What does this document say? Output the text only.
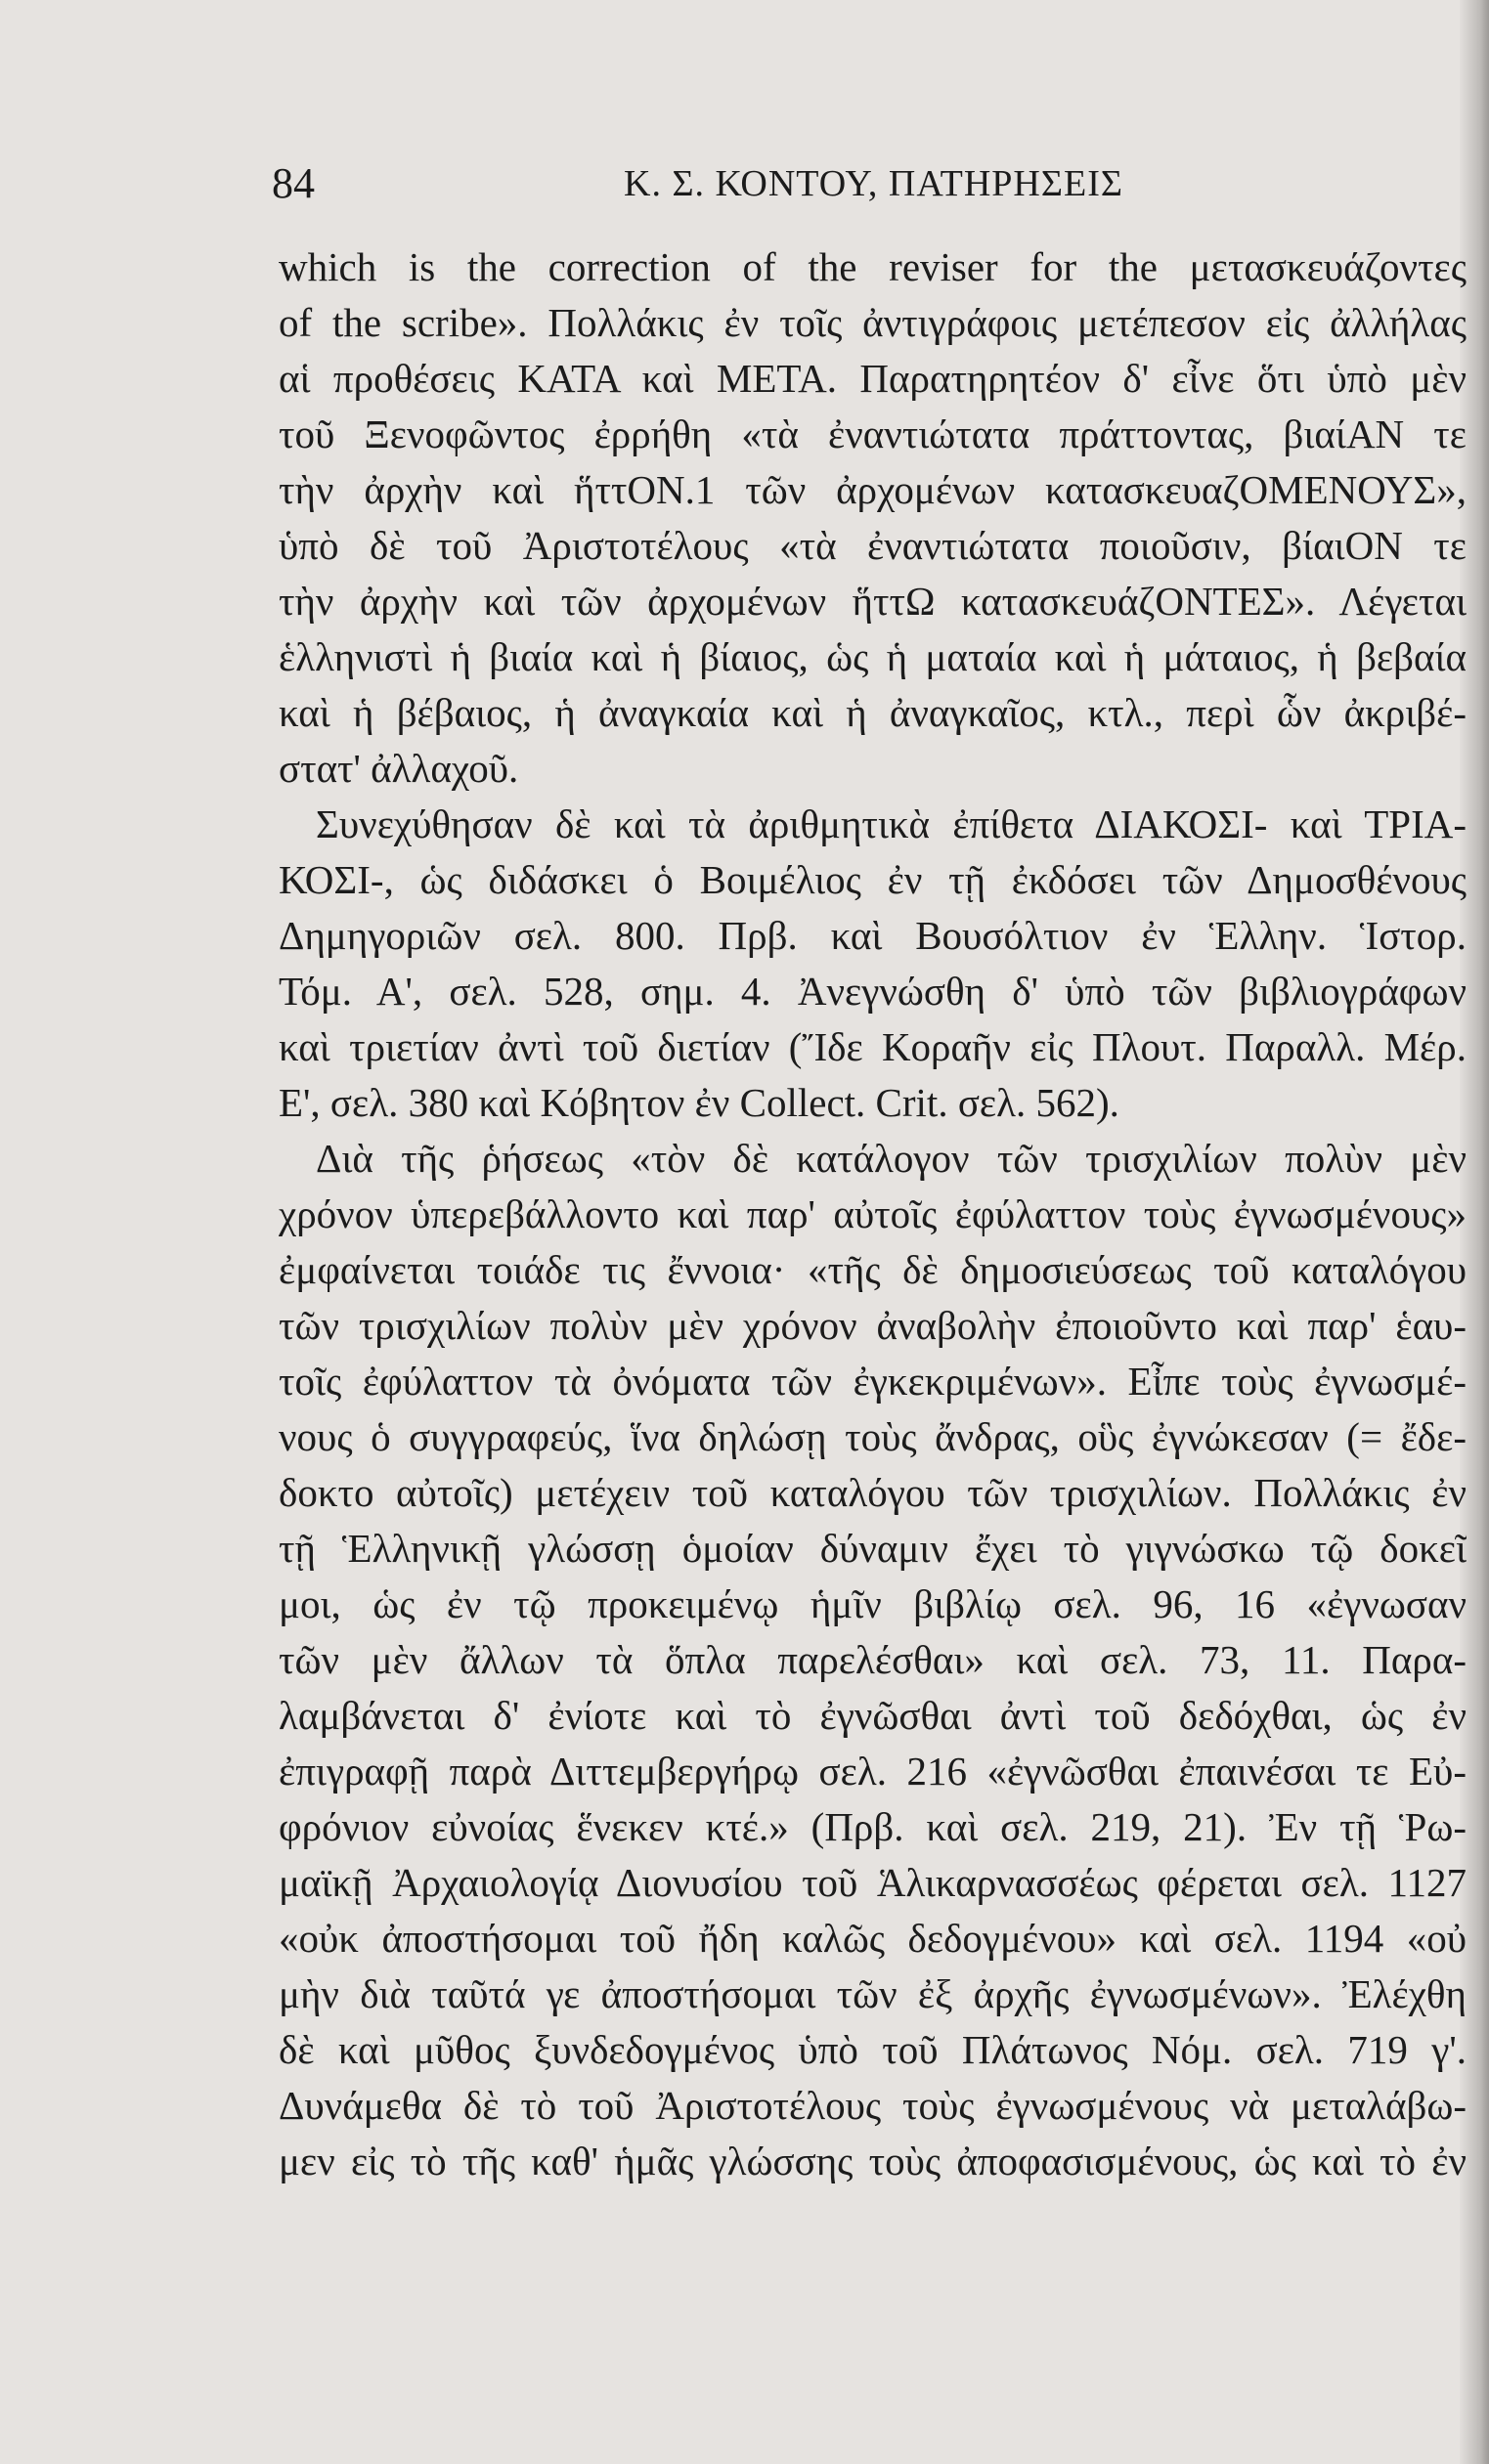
84	Κ. Σ. ΚΟΝΤΟΥ, ΠΑΤΗΡΗΣΕΙΣ
which is the correction of the reviser for the μετασκευάζοντες
of the scribe». Πολλάκις ἐν τοῖς ἀντιγράφοις μετέπεσον εἰς ἀλλήλας
αἱ προθέσεις ΚΑΤΑ καὶ ΜΕΤΑ. Παρατηρητέον δ' εἶνε ὅτι ὑπὸ μὲν
τοῦ Ξενοφῶντος ἐρρήθη «τὰ ἐναντιώτατα πράττοντας, βιαίΑΝ τε
τὴν ἀρχὴν καὶ ἥττΟΝ.1 τῶν ἀρχομένων κατασκευαζΟΜΕΝΟΥΣ»,
ὑπὸ δὲ τοῦ Ἀριστοτέλους «τὰ ἐναντιώτατα ποιοῦσιν, βίαιΟΝ τε
τὴν ἀρχὴν καὶ τῶν ἀρχομένων ἥττΩ κατασκευάζΟΝΤΕΣ». Λέγεται
ἑλληνιστὶ ἡ βιαία καὶ ἡ βίαιος, ὡς ἡ ματαία καὶ ἡ μάταιος, ἡ βεβαία
καὶ ἡ βέβαιος, ἡ ἀναγκαία καὶ ἡ ἀναγκαῖος, κτλ., περὶ ὧν ἀκριβέ-
στατ' ἀλλαχοῦ.
Συνεχύθησαν δὲ καὶ τὰ ἀριθμητικὰ ἐπίθετα ΔΙΑΚΟΣΙ- καὶ ΤΡΙΑ-
ΚΟΣΙ-, ὡς διδάσκει ὁ Βοιμέλιος ἐν τῇ ἐκδόσει τῶν Δημοσθένους
Δημηγοριῶν σελ. 800. Πρβ. καὶ Βουσόλτιον ἐν Ἑλλην. Ἱστορ.
Τόμ. Α', σελ. 528, σημ. 4. Ἀνεγνώσθη δ' ὑπὸ τῶν βιβλιογράφων
καὶ τριετίαν ἀντὶ τοῦ διετίαν (Ἴδε Κοραῆν εἰς Πλουτ. Παραλλ. Μέρ.
Ε', σελ. 380 καὶ Κόβητον ἐν Collect. Crit. σελ. 562).
Διὰ τῆς ῥήσεως «τὸν δὲ κατάλογον τῶν τρισχιλίων πολὺν μὲν
χρόνον ὑπερεβάλλοντο καὶ παρ' αὐτοῖς ἐφύλαττον τοὺς ἐγνωσμένους»
ἐμφαίνεται τοιάδε τις ἔννοια· «τῆς δὲ δημοσιεύσεως τοῦ καταλόγου
τῶν τρισχιλίων πολὺν μὲν χρόνον ἀναβολὴν ἐποιοῦντο καὶ παρ' ἑαυ-
τοῖς ἐφύλαττον τὰ ὀνόματα τῶν ἐγκεκριμένων». Εἶπε τοὺς ἐγνωσμέ-
νους ὁ συγγραφεύς, ἵνα δηλώσῃ τοὺς ἄνδρας, οὓς ἐγνώκεσαν (= ἔδε-
δοκτο αὐτοῖς) μετέχειν τοῦ καταλόγου τῶν τρισχιλίων. Πολλάκις ἐν
τῇ Ἑλληνικῇ γλώσσῃ ὁμοίαν δύναμιν ἔχει τὸ γιγνώσκω τῷ δοκεῖ
μοι, ὡς ἐν τῷ προκειμένῳ ἡμῖν βιβλίῳ σελ. 96, 16 «ἐγνωσαν
τῶν μὲν ἄλλων τὰ ὅπλα παρελέσθαι» καὶ σελ. 73, 11. Παρα-
λαμβάνεται δ' ἐνίοτε καὶ τὸ ἐγνῶσθαι ἀντὶ τοῦ δεδόχθαι, ὡς ἐν
ἐπιγραφῇ παρὰ Διττεμβεργήρῳ σελ. 216 «ἐγνῶσθαι ἐπαινέσαι τε Εὐ-
φρόνιον εὐνοίας ἕνεκεν κτέ.» (Πρβ. καὶ σελ. 219, 21). Ἐν τῇ Ῥω-
μαϊκῇ Ἀρχαιολογίᾳ Διονυσίου τοῦ Ἁλικαρνασσέως φέρεται σελ. 1127
«οὐκ ἀποστήσομαι τοῦ ἤδη καλῶς δεδογμένου» καὶ σελ. 1194 «οὐ
μὴν διὰ ταῦτά γε ἀποστήσομαι τῶν ἐξ ἀρχῆς ἐγνωσμένων». Ἐλέχθη
δὲ καὶ μῦθος ξυνδεδογμένος ὑπὸ τοῦ Πλάτωνος Νόμ. σελ. 719 γ'.
Δυνάμεθα δὲ τὸ τοῦ Ἀριστοτέλους τοὺς ἐγνωσμένους νὰ μεταλάβω-
μεν εἰς τὸ τῆς καθ' ἡμᾶς γλώσσης τοὺς ἀποφασισμένους, ὡς καὶ τὸ ἐν
